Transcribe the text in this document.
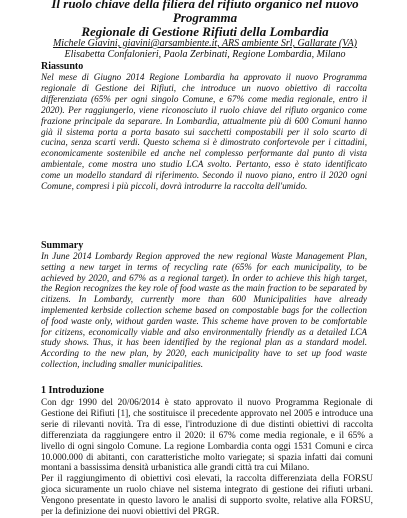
Il ruolo chiave della filiera del rifiuto organico nel nuovo Programma
Regionale di Gestione Rifiuti della Lombardia
Michele Giavini, giavini@arsambiente.it, ARS ambiente Srl, Gallarate (VA)
Elisabetta Confalonieri, Paola Zerbinati, Regione Lombardia, Milano
Riassunto
Nel mese di Giugno 2014 Regione Lombardia ha approvato il nuovo Programma regionale di Gestione dei Rifiuti, che introduce un nuovo obiettivo di raccolta differenziata (65% per ogni singolo Comune, e 67% come media regionale, entro il 2020). Per raggiungerlo, viene riconosciuto il ruolo chiave del rifiuto organico come frazione principale da separare. In Lombardia, attualmente più di 600 Comuni hanno già il sistema porta a porta basato sui sacchetti compostabili per il solo scarto di cucina, senza scarti verdi. Questo schema si è dimostrato confortevole per i cittadini, economicamente sostenibile ed anche nel complesso performante dal punto di vista ambientale, come mostra uno studio LCA svolto. Pertanto, esso è stato identificato come un modello standard di riferimento. Secondo il nuovo piano, entro il 2020 ogni Comune, compresi i più piccoli, dovrà introdurre la raccolta dell'umido.
Summary
In June 2014 Lombardy Region approved the new regional Waste Management Plan, setting a new target in terms of recycling rate (65% for each municipality, to be achieved by 2020, and 67% as a regional target). In order to achieve this high target, the Region recognizes the key role of food waste as the main fraction to be separated by citizens. In Lombardy, currently more than 600 Municipalities have already implemented kerbside collection scheme based on compostable bags for the collection of food waste only, without garden waste. This scheme have proven to be comfortable for citizens, economically viable and also environmentally friendly as a detailed LCA study shows. Thus, it has been identified by the regional plan as a standard model. According to the new plan, by 2020, each municipality have to set up food waste collection, including smaller municipalities.
1 Introduzione

Con dgr 1990 del 20/06/2014 è stato approvato il nuovo Programma Regionale di Gestione dei Rifiuti [1], che sostituisce il precedente approvato nel 2005 e introduce una serie di rilevanti novità. Tra di esse, l'introduzione di due distinti obiettivi di raccolta differenziata da raggiungere entro il 2020: il 67% come media regionale, e il 65% a livello di ogni singolo Comune. La regione Lombardia conta oggi 1531 Comuni e circa 10.000.000 di abitanti, con caratteristiche molto variegate; si spazia infatti dai comuni montani a bassissima densità urbanistica alle grandi città tra cui Milano.

Per il raggiungimento di obiettivi così elevati, la raccolta differenziata della FORSU gioca sicuramente un ruolo chiave nel sistema integrato di gestione dei rifiuti urbani. Vengono presentate in questo lavoro le analisi di supporto svolte, relative alla FORSU, per la definizione dei nuovi obiettivi del PRGR.
